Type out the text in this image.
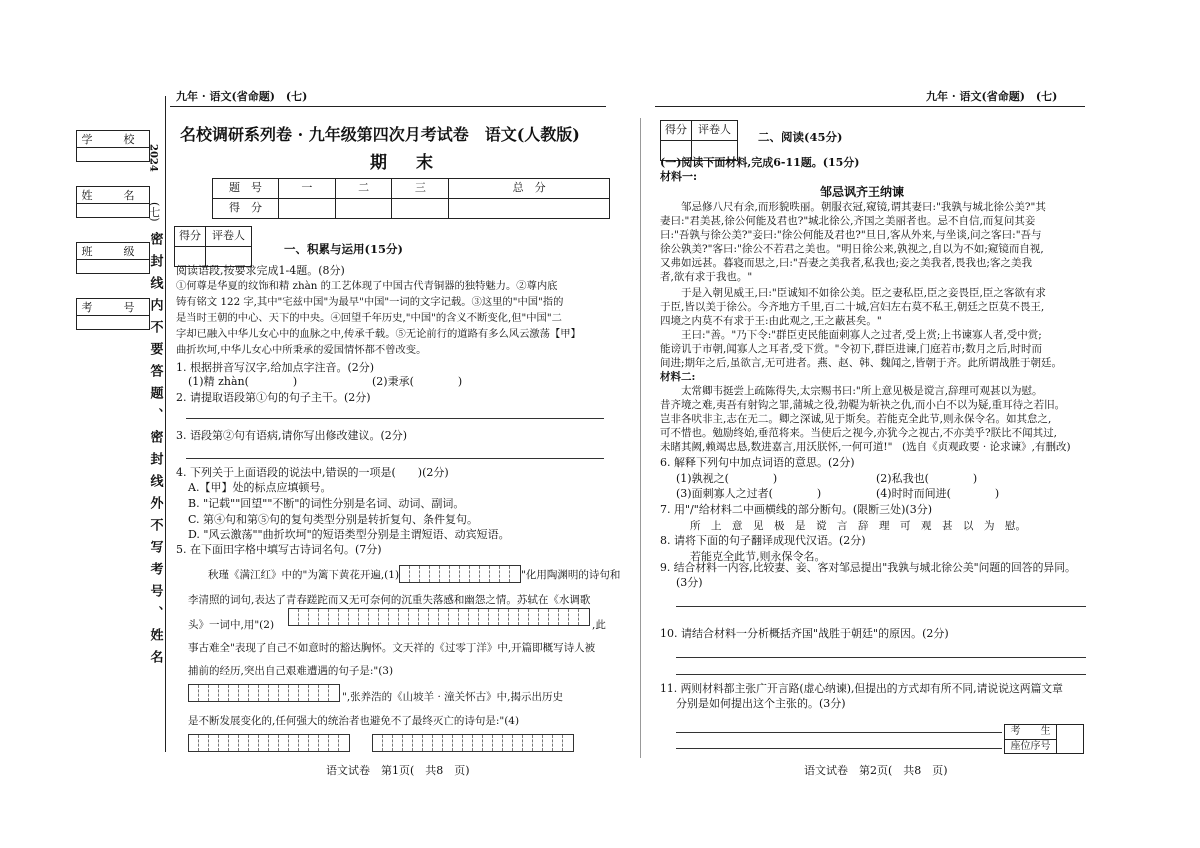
学　校
姓　名
班　级
考　号
2024
(七)
密封线内不要答题、密封线外不写考号、姓名
九年 · 语文(省命题)　(七)	九年 · 语文(省命题)　(七)
名校调研系列卷 · 九年级第四次月考试卷　语文(人教版)
期　末
题　号	一	二	三	总　分
得　分				
得分	评卷人

一、积累与运用(15分)
阅读语段,按要求完成1-4题。(8分)
①何尊是华夏的纹饰和精 zhàn 的工艺体现了中国古代青铜器的独特魅力。②尊内底
铸有铭文 122 字,其中"宅兹中国"为最早"中国"一词的文字记载。③这里的"中国"指的
是当时王朝的中心、天下的中央。④回望千年历史,"中国"的含义不断变化,但"中国"二
字却已融入中华儿女心中的血脉之中,传承千载。⑤无论前行的道路有多么风云激荡【甲】
曲折坎坷,中华儿女心中所秉承的爱国情怀都不曾改变。
1. 根据拼音写汉字,给加点字注音。(2分)
(1)精 zhàn(　　　　)	(2)秉承(　　　　)
2. 请提取语段第①句的句子主干。(2分)
3. 语段第②句有语病,请你写出修改建议。(2分)
4. 下列关于上面语段的说法中,错误的一项是(　　)(2分)
A.【甲】处的标点应填顿号。
B. "记载""回望""不断"的词性分别是名词、动词、副词。
C. 第④句和第⑤句的复句类型分别是转折复句、条件复句。
D. "风云激荡""曲折坎坷"的短语类型分别是主谓短语、动宾短语。
5. 在下面田字格中填写古诗词名句。(7分)
秋瑾《满江红》中的"为篱下黄花开遍,(1)	"化用陶渊明的诗句和
李清照的词句,表达了青春蹉跎而又无可奈何的沉重失落感和幽怨之情。苏轼在《水调歌
头》一词中,用"(2)	,此
事古难全"表现了自己不如意时的豁达胸怀。文天祥的《过零丁洋》中,开篇即概写诗人被
捕前的经历,突出自己艰难遭遇的句子是:"(3)
",张养浩的《山坡羊 · 潼关怀古》中,揭示出历史
是不断发展变化的,任何强大的统治者也避免不了最终灭亡的诗句是:"(4)
语文试卷　第1页(　共8　页)
得分	评卷人

二、阅读(45分)
(一)阅读下面材料,完成6-11题。(15分)
材料一:
邹忌讽齐王纳谏
　　邹忌修八尺有余,而形貌昳丽。朝服衣冠,窥镜,谓其妻曰:"我孰与城北徐公美?"其
妻曰:"君美甚,徐公何能及君也?"城北徐公,齐国之美丽者也。忌不自信,而复问其妾
曰:"吾孰与徐公美?"妾曰:"徐公何能及君也?"旦日,客从外来,与坐谈,问之客曰:"吾与
徐公孰美?"客曰:"徐公不若君之美也。"明日徐公来,孰视之,自以为不如;窥镜而自视,
又弗如远甚。暮寝而思之,曰:"吾妻之美我者,私我也;妾之美我者,畏我也;客之美我
者,欲有求于我也。"
　　于是入朝见威王,曰:"臣诚知不如徐公美。臣之妻私臣,臣之妾畏臣,臣之客欲有求
于臣,皆以美于徐公。今齐地方千里,百二十城,宫妇左右莫不私王,朝廷之臣莫不畏王,
四境之内莫不有求于王:由此观之,王之蔽甚矣。"
　　王曰:"善。"乃下令:"群臣吏民能面刺寡人之过者,受上赏;上书谏寡人者,受中赏;
能谤讥于市朝,闻寡人之耳者,受下赏。"令初下,群臣进谏,门庭若市;数月之后,时时而
间进;期年之后,虽欲言,无可进者。燕、赵、韩、魏闻之,皆朝于齐。此所谓战胜于朝廷。
材料二:
　　太常卿韦挺尝上疏陈得失,太宗赐书曰:"所上意见极是谠言,辞理可观甚以为慰。
昔齐境之难,夷吾有射钩之罪,蒲城之役,勃鞮为斩袂之仇,而小白不以为疑,重耳待之若旧。
岂非各吠非主,志在无二。卿之深诚,见于斯矣。若能克全此节,则永保令名。如其怠之,
可不惜也。勉励终始,垂范将来。当使后之视今,亦犹今之视古,不亦美乎?朕比不闻其过,
未睹其阙,赖竭忠恳,数进嘉言,用沃朕怀,一何可道!" (选自《贞观政要 · 论求谏》,有删改)
6. 解释下列句中加点词语的意思。(2分)
(1)孰视之(　　　　)	(2)私我也(　　　　)
(3)面刺寡人之过者(　　　　)	(4)时时而间进(　　　　)
7. 用"/"给材料二中画横线的部分断句。(限断三处)(3分)
所　上　意　见　极　是　谠　言　辞　理　可　观　甚　以　为　慰。
8. 请将下面的句子翻译成现代汉语。(2分)
若能克全此节,则永保令名。
9. 结合材料一内容,比较妻、妾、客对邹忌提出"我孰与城北徐公美"问题的回答的异同。
(3分)
10. 请结合材料一分析概括齐国"战胜于朝廷"的原因。(2分)
11. 两则材料都主张广开言路(虚心纳谏),但提出的方式却有所不同,请说说这两篇文章
分别是如何提出这个主张的。(3分)
考　　生	
座位序号
语文试卷　第2页(　共8　页)
